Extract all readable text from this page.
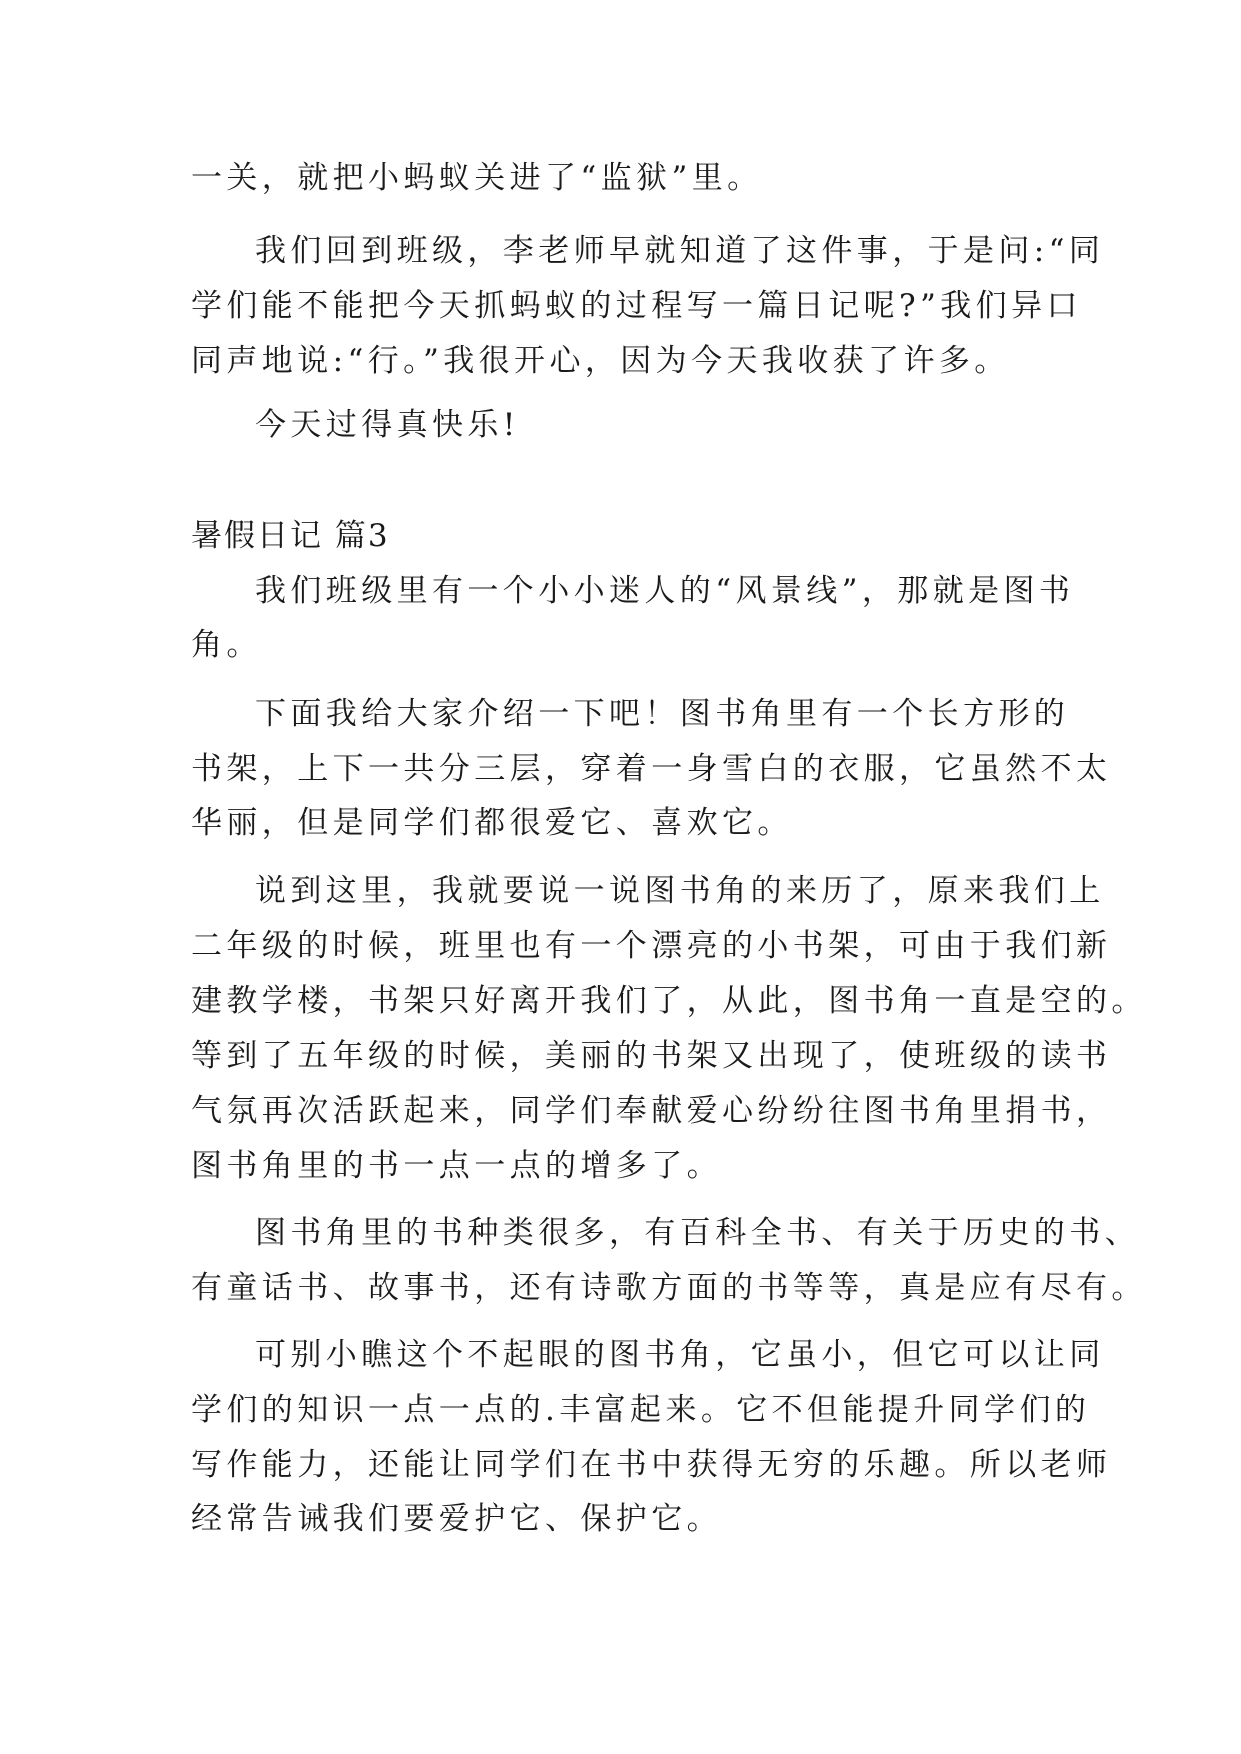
一关，就把小蚂蚁关进了“监狱”里。
我们回到班级，李老师早就知道了这件事，于是问:“同
学们能不能把今天抓蚂蚁的过程写一篇日记呢?”我们异口
同声地说:“行。”我很开心，因为今天我收获了许多。
今天过得真快乐!
暑假日记 篇3
我们班级里有一个小小迷人的“风景线”，那就是图书
角。
下面我给大家介绍一下吧！图书角里有一个长方形的
书架，上下一共分三层，穿着一身雪白的衣服，它虽然不太
华丽，但是同学们都很爱它、喜欢它。
说到这里，我就要说一说图书角的来历了，原来我们上
二年级的时候，班里也有一个漂亮的小书架，可由于我们新
建教学楼，书架只好离开我们了，从此，图书角一直是空的。
等到了五年级的时候，美丽的书架又出现了，使班级的读书
气氛再次活跃起来，同学们奉献爱心纷纷往图书角里捐书，
图书角里的书一点一点的增多了。
图书角里的书种类很多，有百科全书、有关于历史的书、
有童话书、故事书，还有诗歌方面的书等等，真是应有尽有。
可别小瞧这个不起眼的图书角，它虽小，但它可以让同
学们的知识一点一点的.丰富起来。它不但能提升同学们的
写作能力，还能让同学们在书中获得无穷的乐趣。所以老师
经常告诫我们要爱护它、保护它。
